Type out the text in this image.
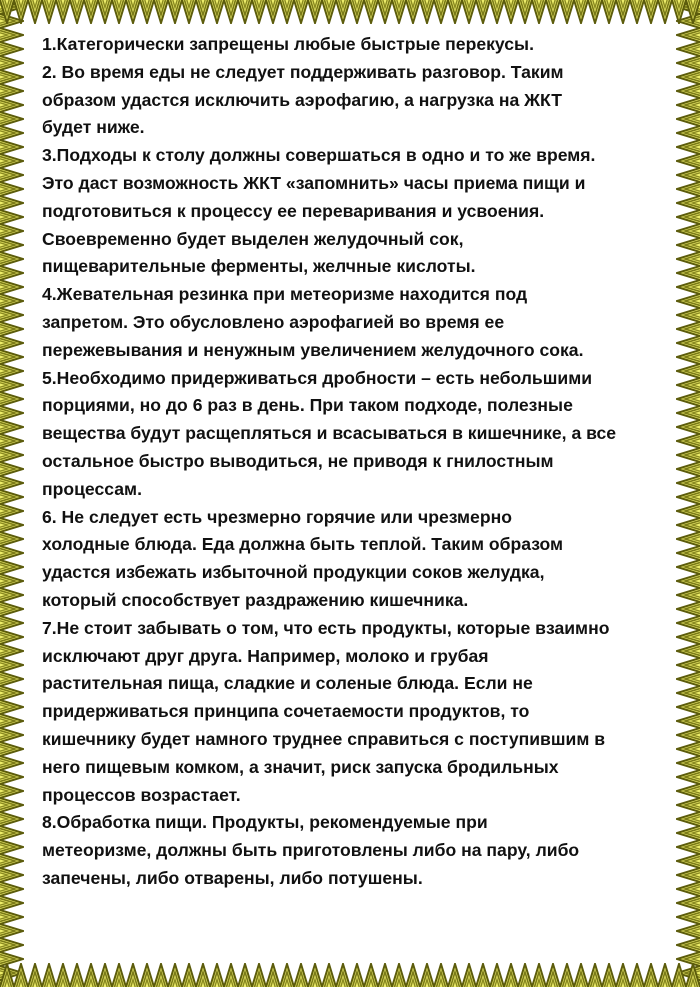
1.Категорически запрещены любые быстрые перекусы.
2. Во время еды не следует поддерживать разговор. Таким
образом удастся исключить аэрофагию, а нагрузка на ЖКТ
будет ниже.
3.Подходы к столу должны совершаться в одно и то же время.
Это даст возможность ЖКТ «запомнить» часы приема пищи и
подготовиться к процессу ее переваривания и усвоения.
Своевременно будет выделен желудочный сок,
пищеварительные ферменты, желчные кислоты.
4.Жевательная резинка при метеоризме находится под
запретом. Это обусловлено аэрофагией во время ее
пережевывания и ненужным увеличением желудочного сока.
5.Необходимо придерживаться дробности – есть небольшими
порциями, но до 6 раз в день. При таком подходе, полезные
вещества будут расщепляться и всасываться в кишечнике, а все
остальное быстро выводиться, не приводя к гнилостным
процессам.
6. Не следует есть чрезмерно горячие или чрезмерно
холодные блюда. Еда должна быть теплой. Таким образом
удастся избежать избыточной продукции соков желудка,
который способствует раздражению кишечника.
7.Не стоит забывать о том, что есть продукты, которые взаимно
исключают друг друга. Например, молоко и грубая
растительная пища, сладкие и соленые блюда. Если не
придерживаться принципа сочетаемости продуктов, то
кишечнику будет намного труднее справиться с поступившим в
него пищевым комком, а значит, риск запуска бродильных
процессов возрастает.
8.Обработка пищи. Продукты, рекомендуемые при
метеоризме, должны быть приготовлены либо на пару, либо
запечены, либо отварены, либо потушены.
